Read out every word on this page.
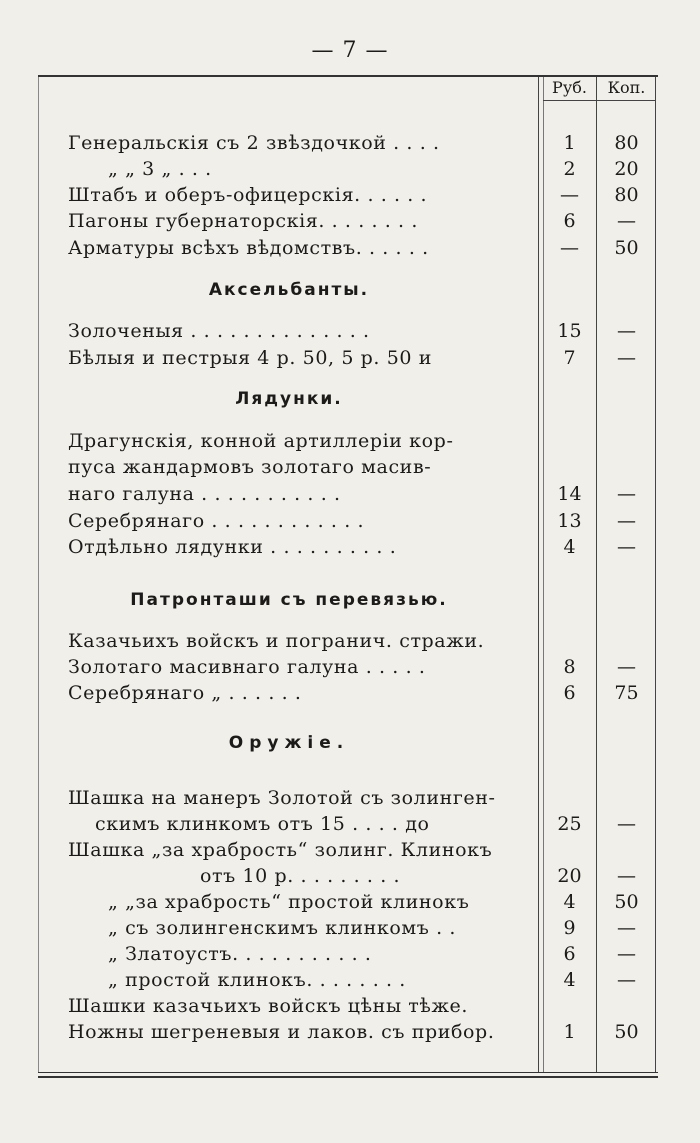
— 7 —
Руб.	Коп.
Генеральскія съ 2 звѣздочкой . . . .	1	80
„ „ 3 „ . . .	2	20
Штабъ и оберъ-офицерскія. . . . . .	—	80
Пагоны губернаторскія. . . . . . . .	6	—
Арматуры всѣхъ вѣдомствъ. . . . . .	—	50
Аксельбанты.
Золоченыя . . . . . . . . . . . . . .	15	—
Бѣлыя и пестрыя 4 р. 50, 5 р. 50 и	7	—
Лядунки.
Драгунскія, конной артиллеріи кор-
пуса жандармовъ золотаго масив-
наго галуна . . . . . . . . . . .	14	—
Серебрянаго . . . . . . . . . . . .	13	—
Отдѣльно лядунки . . . . . . . . . .	4	—
Патронташи съ перевязью.
Казачьихъ войскъ и погранич. стражи.
Золотаго масивнаго галуна . . . . .	8	—
Серебрянаго „ . . . . . .	6	75
Оружіе.
Шашка на манеръ Золотой съ золинген-
скимъ клинкомъ отъ 15 . . . . до	25	—
Шашка „за храбрость“ золинг. Клинокъ
отъ 10 р. . . . . . . . .	20	—
„ „за храбрость“ простой клинокъ	4	50
„ съ золингенскимъ клинкомъ . .	9	—
„ Златоустъ. . . . . . . . . . .	6	—
„ простой клинокъ. . . . . . . .	4	—
Шашки казачьихъ войскъ цѣны тѣже.
Ножны шегреневыя и лаков. съ прибор.	1	50
